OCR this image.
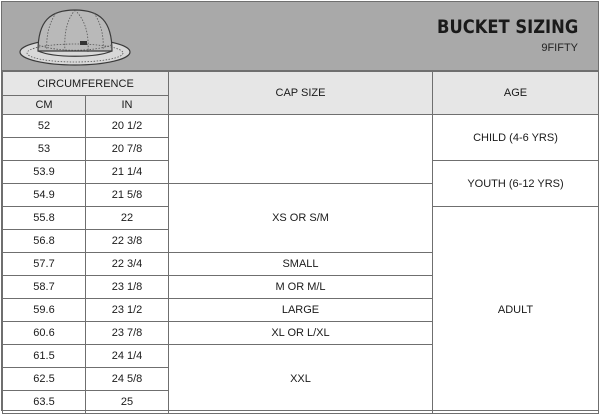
BUCKET SIZING

9FIFTY

CIRCUMFERENCE		CAP SIZE	AGE
CM	IN		
52	20 1/2		CHILD (4-6 YRS)
53	20 7/8		
53.9	21 1/4		YOUTH (6-12 YRS)
54.9	21 5/8	XS OR S/M	
55.8	22		ADULT
56.8	22 3/8		
57.7	22 3/4	SMALL	
58.7	23 1/8	M OR M/L	
59.6	23 1/2	LARGE	
60.6	23 7/8	XL OR L/XL	
61.5	24 1/4	XXL	
62.5	24 5/8		
63.5	25		
